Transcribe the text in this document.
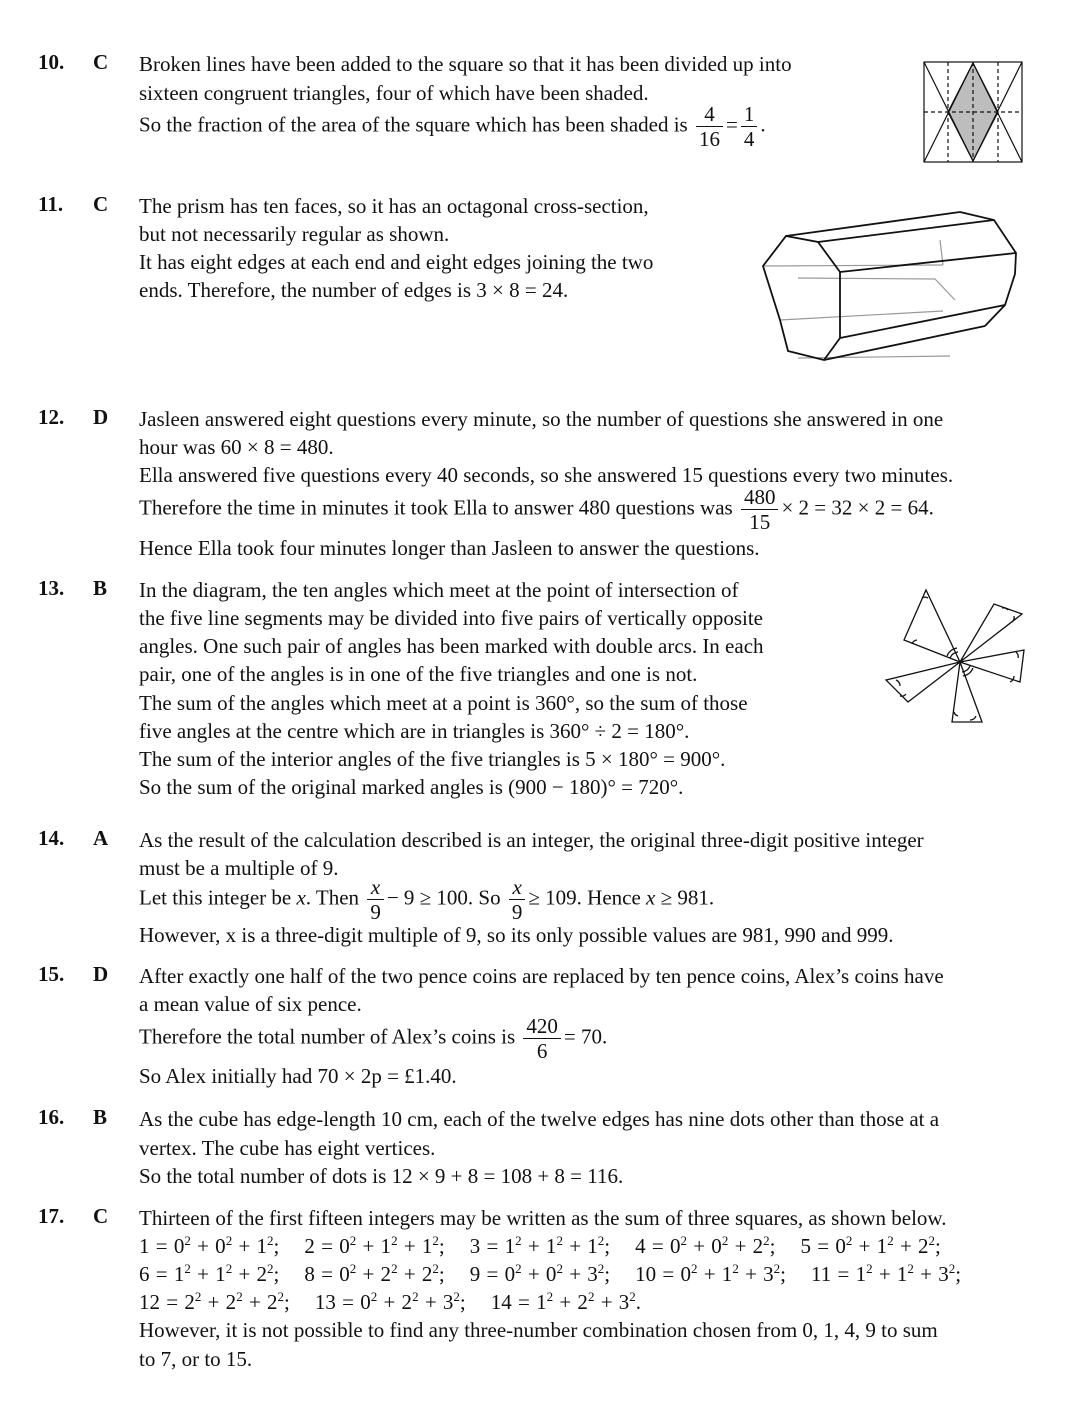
10. C Broken lines have been added to the square so that it has been divided up into
sixteen congruent triangles, four of which have been shaded.
So the fraction of the area of the square which has been shaded is $\frac{4}{16} = \frac{1}{4}$ .
11. C The prism has ten faces, so it has an octagonal cross-section,
but not necessarily regular as shown.
It has eight edges at each end and eight edges joining the two
ends. Therefore, the number of edges is 3 × 8 = 24.
12. D Jasleen answered eight questions every minute, so the number of questions she answered in one
hour was 60 × 8 = 480.
Ella answered five questions every 40 seconds, so she answered 15 questions every two minutes.
Therefore the time in minutes it took Ella to answer 480 questions was $\frac{480}{15} \times 2 = 32 \times 2 = 64$.
Hence Ella took four minutes longer than Jasleen to answer the questions.
13. B In the diagram, the ten angles which meet at the point of intersection of
the five line segments may be divided into five pairs of vertically opposite
angles. One such pair of angles has been marked with double arcs. In each
pair, one of the angles is in one of the five triangles and one is not.
The sum of the angles which meet at a point is 360°, so the sum of those
five angles at the centre which are in triangles is 360° ÷ 2 = 180°.
The sum of the interior angles of the five triangles is 5 × 180° = 900°.
So the sum of the original marked angles is (900 − 180)° = 720°.
14. A As the result of the calculation described is an integer, the original three-digit positive integer
must be a multiple of 9.
Let this integer be x. Then $\frac{x}{9} - 9 \ge 100$. So $\frac{x}{9} \ge 109$. Hence x ≥ 981.
However, x is a three-digit multiple of 9, so its only possible values are 981, 990 and 999.
15. D After exactly one half of the two pence coins are replaced by ten pence coins, Alex’s coins have
a mean value of six pence.
Therefore the total number of Alex’s coins is $\frac{420}{6} = 70$.
So Alex initially had 70 × 2p = £1.40.
16. B As the cube has edge-length 10 cm, each of the twelve edges has nine dots other than those at a
vertex. The cube has eight vertices.
So the total number of dots is 12 × 9 + 8 = 108 + 8 = 116.
17. C Thirteen of the first fifteen integers may be written as the sum of three squares, as shown below.
$1 = 0^2 + 0^2 + 1^2$; $2 = 0^2 + 1^2 + 1^2$; $3 = 1^2 + 1^2 + 1^2$; $4 = 0^2 + 0^2 + 2^2$; $5 = 0^2 + 1^2 + 2^2$;
$6 = 1^2 + 1^2 + 2^2$; $8 = 0^2 + 2^2 + 2^2$; $9 = 0^2 + 0^2 + 3^2$; $10 = 0^2 + 1^2 + 3^2$; $11 = 1^2 + 1^2 + 3^2$;
$12 = 2^2 + 2^2 + 2^2$; $13 = 0^2 + 2^2 + 3^2$; $14 = 1^2 + 2^2 + 3^2$.
However, it is not possible to find any three-number combination chosen from 0, 1, 4, 9 to sum
to 7, or to 15.
